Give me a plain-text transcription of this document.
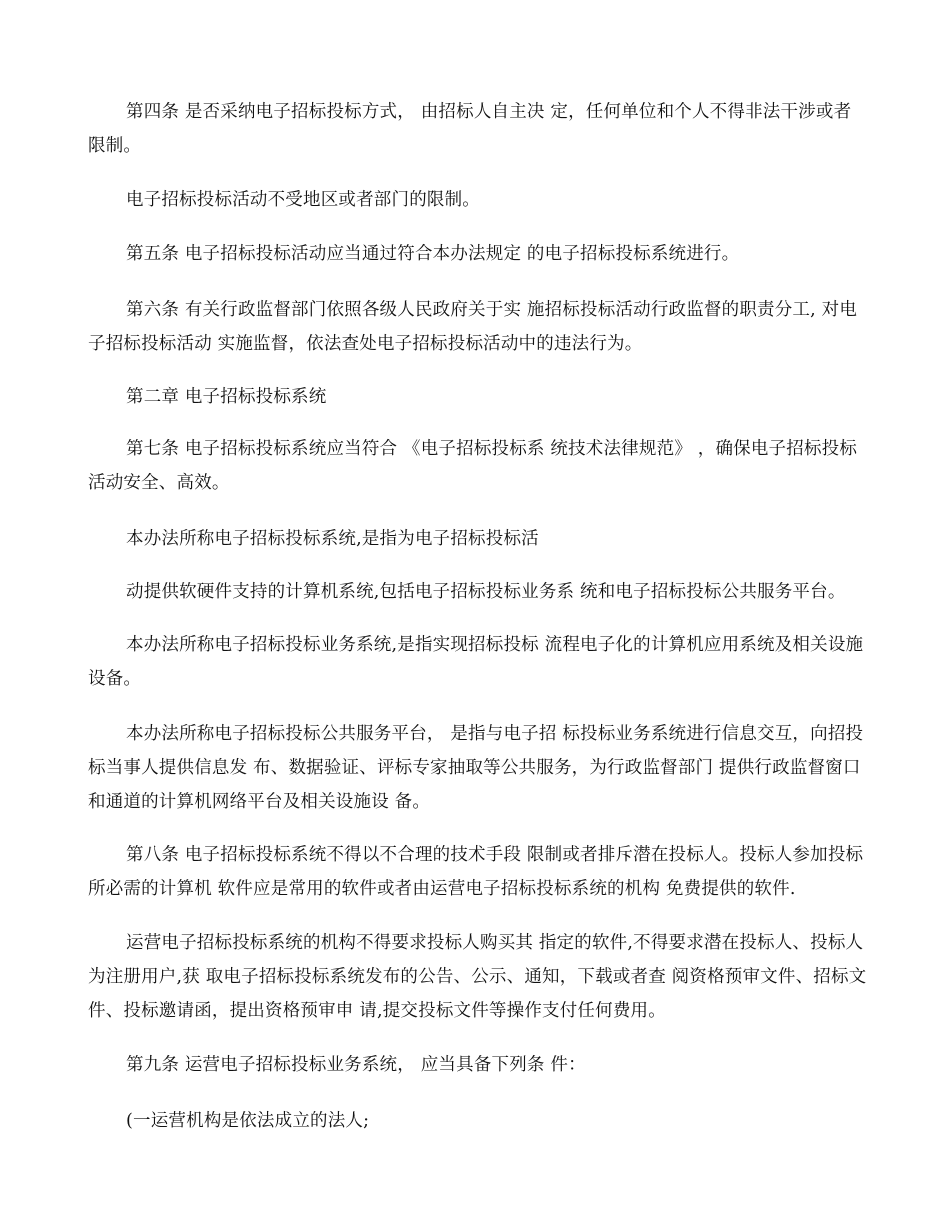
第四条 是否采纳电子招标投标方式， 由招标人自主决 定，任何单位和个人不得非法干涉或者限制。

电子招标投标活动不受地区或者部门的限制。

第五条 电子招标投标活动应当通过符合本办法规定 的电子招标投标系统进行。

第六条 有关行政监督部门依照各级人民政府关于实 施招标投标活动行政监督的职责分工, 对电子招标投标活动 实施监督，依法查处电子招标投标活动中的违法行为。

第二章 电子招标投标系统

第七条 电子招标投标系统应当符合 《电子招标投标系 统技术法律规范》 ，确保电子招标投标活动安全、高效。

本办法所称电子招标投标系统,是指为电子招标投标活

动提供软硬件支持的计算机系统,包括电子招标投标业务系 统和电子招标投标公共服务平台。

本办法所称电子招标投标业务系统,是指实现招标投标 流程电子化的计算机应用系统及相关设施设备。

本办法所称电子招标投标公共服务平台， 是指与电子招 标投标业务系统进行信息交互，向招投标当事人提供信息发 布、数据验证、评标专家抽取等公共服务，为行政监督部门 提供行政监督窗口和通道的计算机网络平台及相关设施设 备。

第八条 电子招标投标系统不得以不合理的技术手段 限制或者排斥潜在投标人。投标人参加投标所必需的计算机 软件应是常用的软件或者由运营电子招标投标系统的机构 免费提供的软件.

运营电子招标投标系统的机构不得要求投标人购买其 指定的软件,不得要求潜在投标人、投标人为注册用户,获 取电子招标投标系统发布的公告、公示、通知，下载或者查 阅资格预审文件、招标文件、投标邀请函，提出资格预审申 请,提交投标文件等操作支付任何费用。

第九条 运营电子招标投标业务系统， 应当具备下列条 件：

(一运营机构是依法成立的法人;
